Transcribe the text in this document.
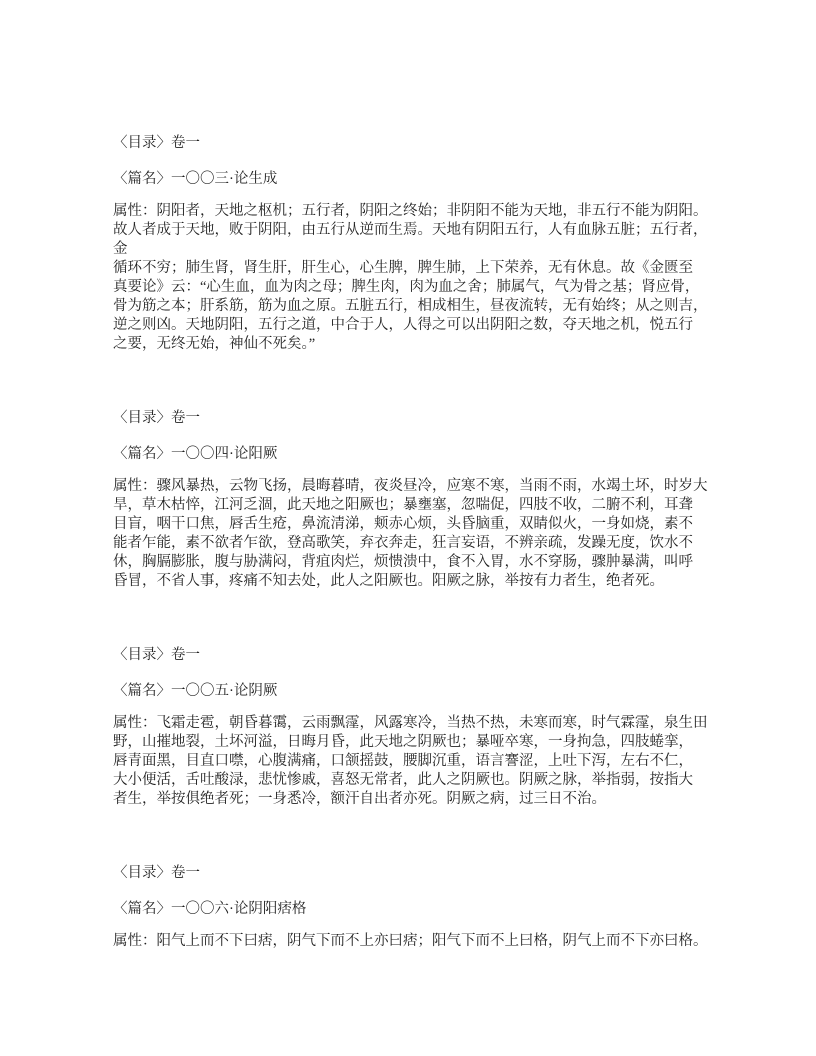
〈目录〉卷一
〈篇名〉一〇〇三·论生成
属性：阴阳者，天地之枢机；五行者，阴阳之终始；非阴阳不能为天地，非五行不能为阴阳。
故人者成于天地，败于阴阳，由五行从逆而生焉。天地有阴阳五行，人有血脉五脏；五行者，
金
循环不穷；肺生肾，肾生肝，肝生心，心生脾，脾生肺，上下荣养，无有休息。故《金匮至
真要论》云：“心生血，血为肉之母；脾生肉，肉为血之舍；肺属气，气为骨之基；肾应骨，
骨为筋之本；肝系筋，筋为血之原。五脏五行，相成相生，昼夜流转，无有始终；从之则吉，
逆之则凶。天地阴阳，五行之道，中合于人，人得之可以出阴阳之数，夺天地之机，悦五行
之要，无终无始，神仙不死矣。”
〈目录〉卷一
〈篇名〉一〇〇四·论阳厥
属性：骤风暴热，云物飞扬，晨晦暮晴，夜炎昼冷，应寒不寒，当雨不雨，水竭土坏，时岁大
旱，草木枯悴，江河乏涸，此天地之阳厥也；暴壅塞，忽喘促，四肢不收，二腑不利，耳聋
目盲，咽干口焦，唇舌生疮，鼻流清涕，颊赤心烦，头昏脑重，双睛似火，一身如烧，素不
能者乍能，素不欲者乍欲，登高歌笑，弃衣奔走，狂言妄语，不辨亲疏，发躁无度，饮水不
休，胸膈膨胀，腹与胁满闷，背疽肉烂，烦愦溃中，食不入胃，水不穿肠，骤肿暴满，叫呼
昏冒，不省人事，疼痛不知去处，此人之阳厥也。阳厥之脉，举按有力者生，绝者死。
〈目录〉卷一
〈篇名〉一〇〇五·论阴厥
属性：飞霜走雹，朝昏暮霭，云雨飘霪，风露寒冷，当热不热，未寒而寒，时气霖霪，泉生田
野，山摧地裂，土坏河溢，日晦月昏，此天地之阴厥也；暴哑卒寒，一身拘急，四肢蜷挛，
唇青面黑，目直口噤，心腹满痛，口颔摇鼓，腰脚沉重，语言謇涩，上吐下泻，左右不仁，
大小便活，舌吐酸渌，悲忧惨戚，喜怒无常者，此人之阴厥也。阴厥之脉，举指弱，按指大
者生，举按俱绝者死；一身悉冷，额汗自出者亦死。阴厥之病，过三日不治。
〈目录〉卷一
〈篇名〉一〇〇六·论阴阳痞格
属性：阳气上而不下曰痞，阴气下而不上亦曰痞；阳气下而不上曰格，阴气上而不下亦曰格。
